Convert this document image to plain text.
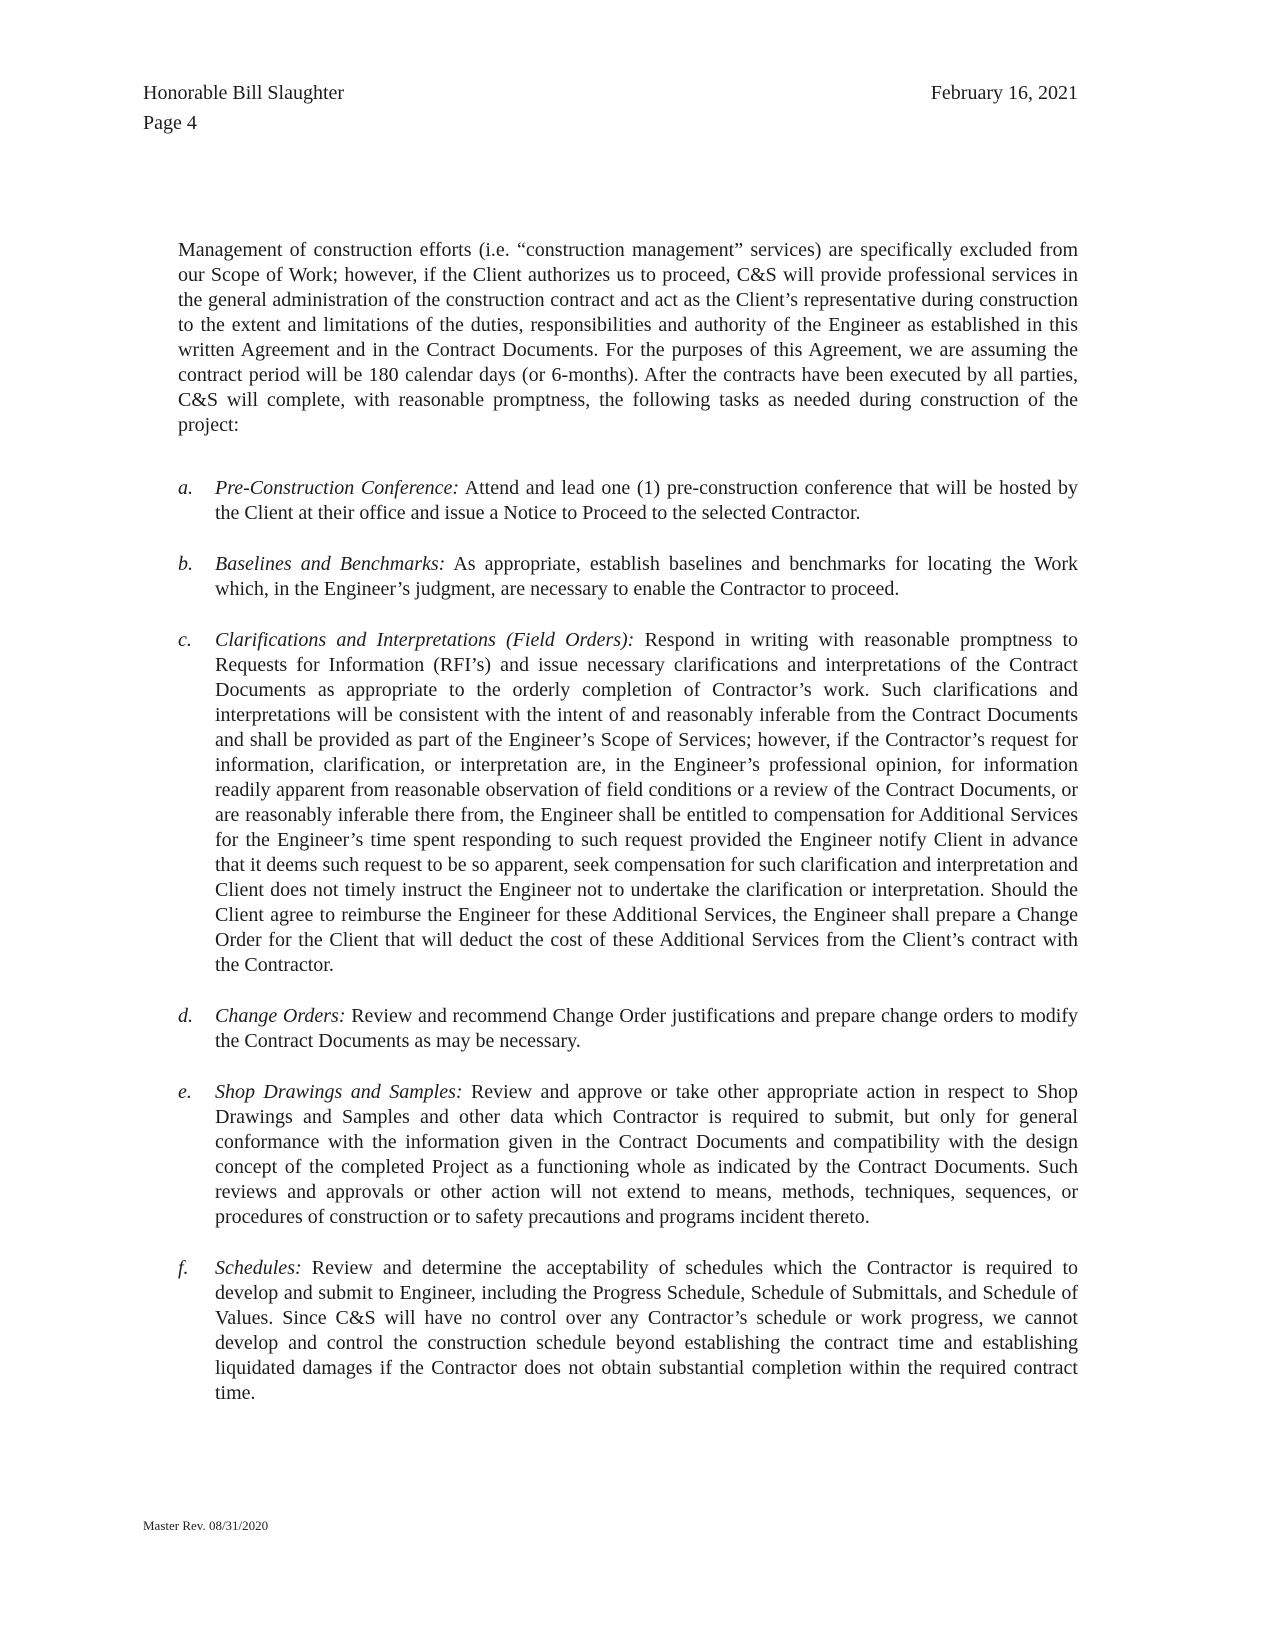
Honorable Bill Slaughter
Page 4
February 16, 2021

Management of construction efforts (i.e. “construction management” services) are specifically excluded from our Scope of Work; however, if the Client authorizes us to proceed, C&S will provide professional services in the general administration of the construction contract and act as the Client’s representative during construction to the extent and limitations of the duties, responsibilities and authority of the Engineer as established in this written Agreement and in the Contract Documents. For the purposes of this Agreement, we are assuming the contract period will be 180 calendar days (or 6-months). After the contracts have been executed by all parties, C&S will complete, with reasonable promptness, the following tasks as needed during construction of the project:

a.	Pre-Construction Conference: Attend and lead one (1) pre-construction conference that will be hosted by the Client at their office and issue a Notice to Proceed to the selected Contractor.

b.	Baselines and Benchmarks: As appropriate, establish baselines and benchmarks for locating the Work which, in the Engineer’s judgment, are necessary to enable the Contractor to proceed.

c.	Clarifications and Interpretations (Field Orders): Respond in writing with reasonable promptness to Requests for Information (RFI’s) and issue necessary clarifications and interpretations of the Contract Documents as appropriate to the orderly completion of Contractor’s work. Such clarifications and interpretations will be consistent with the intent of and reasonably inferable from the Contract Documents and shall be provided as part of the Engineer’s Scope of Services; however, if the Contractor’s request for information, clarification, or interpretation are, in the Engineer’s professional opinion, for information readily apparent from reasonable observation of field conditions or a review of the Contract Documents, or are reasonably inferable there from, the Engineer shall be entitled to compensation for Additional Services for the Engineer’s time spent responding to such request provided the Engineer notify Client in advance that it deems such request to be so apparent, seek compensation for such clarification and interpretation and Client does not timely instruct the Engineer not to undertake the clarification or interpretation. Should the Client agree to reimburse the Engineer for these Additional Services, the Engineer shall prepare a Change Order for the Client that will deduct the cost of these Additional Services from the Client’s contract with the Contractor.

d.	Change Orders: Review and recommend Change Order justifications and prepare change orders to modify the Contract Documents as may be necessary.

e.	Shop Drawings and Samples: Review and approve or take other appropriate action in respect to Shop Drawings and Samples and other data which Contractor is required to submit, but only for general conformance with the information given in the Contract Documents and compatibility with the design concept of the completed Project as a functioning whole as indicated by the Contract Documents. Such reviews and approvals or other action will not extend to means, methods, techniques, sequences, or procedures of construction or to safety precautions and programs incident thereto.

f.	Schedules: Review and determine the acceptability of schedules which the Contractor is required to develop and submit to Engineer, including the Progress Schedule, Schedule of Submittals, and Schedule of Values. Since C&S will have no control over any Contractor’s schedule or work progress, we cannot develop and control the construction schedule beyond establishing the contract time and establishing liquidated damages if the Contractor does not obtain substantial completion within the required contract time.

Master Rev. 08/31/2020
